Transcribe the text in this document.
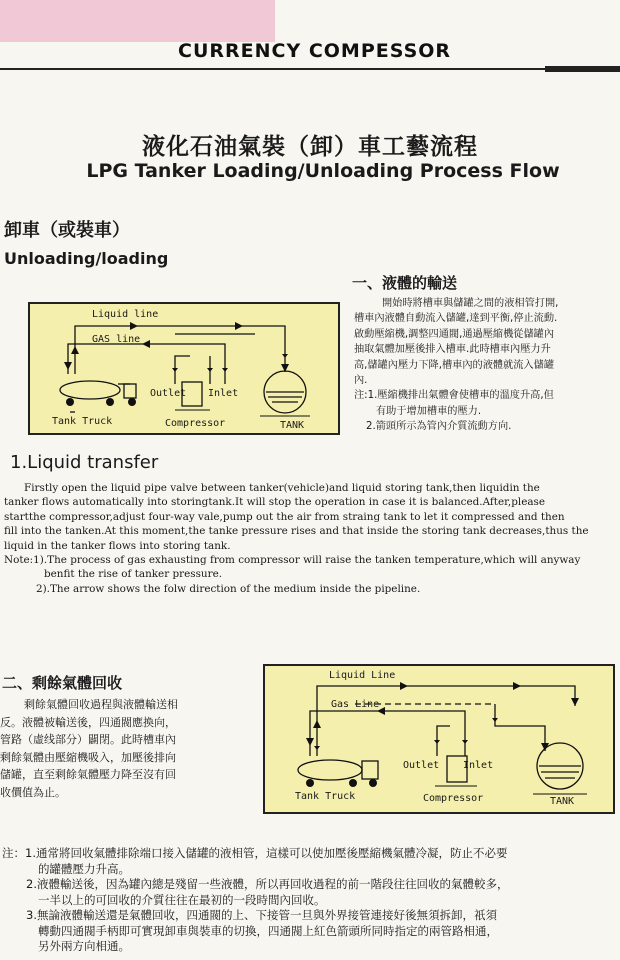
CURRENCY COMPESSOR
液化石油氣裝（卸）車工藝流程
LPG Tanker Loading/Unloading Process Flow
卸車（或裝車）
Unloading/loading
Liquid line
GAS line
Outlet Inlet
Tank Truck	Compressor	TANK
一、液體的輸送
開始時將槽車與儲罐之間的液相管打開,
槽車內液體自動流入儲罐,達到平衡,停止流動.
啟動壓縮機,調整四通閥,通過壓縮機從儲罐內
抽取氣體加壓後排入槽車.此時槽車內壓力升
高,儲罐內壓力下降,槽車內的液體就流入儲罐
內.
注:1.壓縮機排出氣體會使槽車的溫度升高,但
有助于增加槽車的壓力.
2.箭頭所示為管內介質流動方向.
1.Liquid transfer
Firstly open the liquid pipe valve between tanker(vehicle)and liquid storing tank,then liquidin the
tanker flows automatically into storingtank.It will stop the operation in case it is balanced.After,please
startthe compressor,adjust four-way vale,pump out the air from straing tank to let it compressed and then
fill into the tanken.At this moment,the tanke pressure rises and that inside the storing tank decreases,thus the
liquid in the tanker flows into storing tank.
Note:1).The process of gas exhausting from compressor will raise the tanken temperature,which will anyway
benfit the rise of tanker pressure.
2).The arrow shows the folw direction of the medium inside the pipeline.
二、剩餘氣體回收
剩餘氣體回收過程與液體輸送相
反。液體被輸送後，四通閥應換向，
管路（虛线部分）闢閉。此時槽車內
剩餘氣體由壓縮機吸入，加壓後排向
儲罐，直至剩餘氣體壓力降至沒有回
收價值為止。
Liquid Line
Gas Line
Outlet Inlet
Tank Truck	Compressor	TANK
注：1.通常將回收氣體排除端口接入儲罐的液相管，這樣可以使加壓後壓縮機氣體冷凝，防止不必要
的罐體壓力升高。
2.液體輸送後，因為罐內總是殘留一些液體，所以再回收過程的前一階段往往回收的氣體較多，
一半以上的可回收的介質往往在最初的一段時間內回收。
3.無論液體輸送還是氣體回收，四通閥的上、下接管一旦與外界接管連接好後無須拆卸，祇須
轉動四通閥手柄即可實現卸車與裝車的切換，四通閥上紅色箭頭所同時指定的兩管路相通，
另外兩方向相通。
